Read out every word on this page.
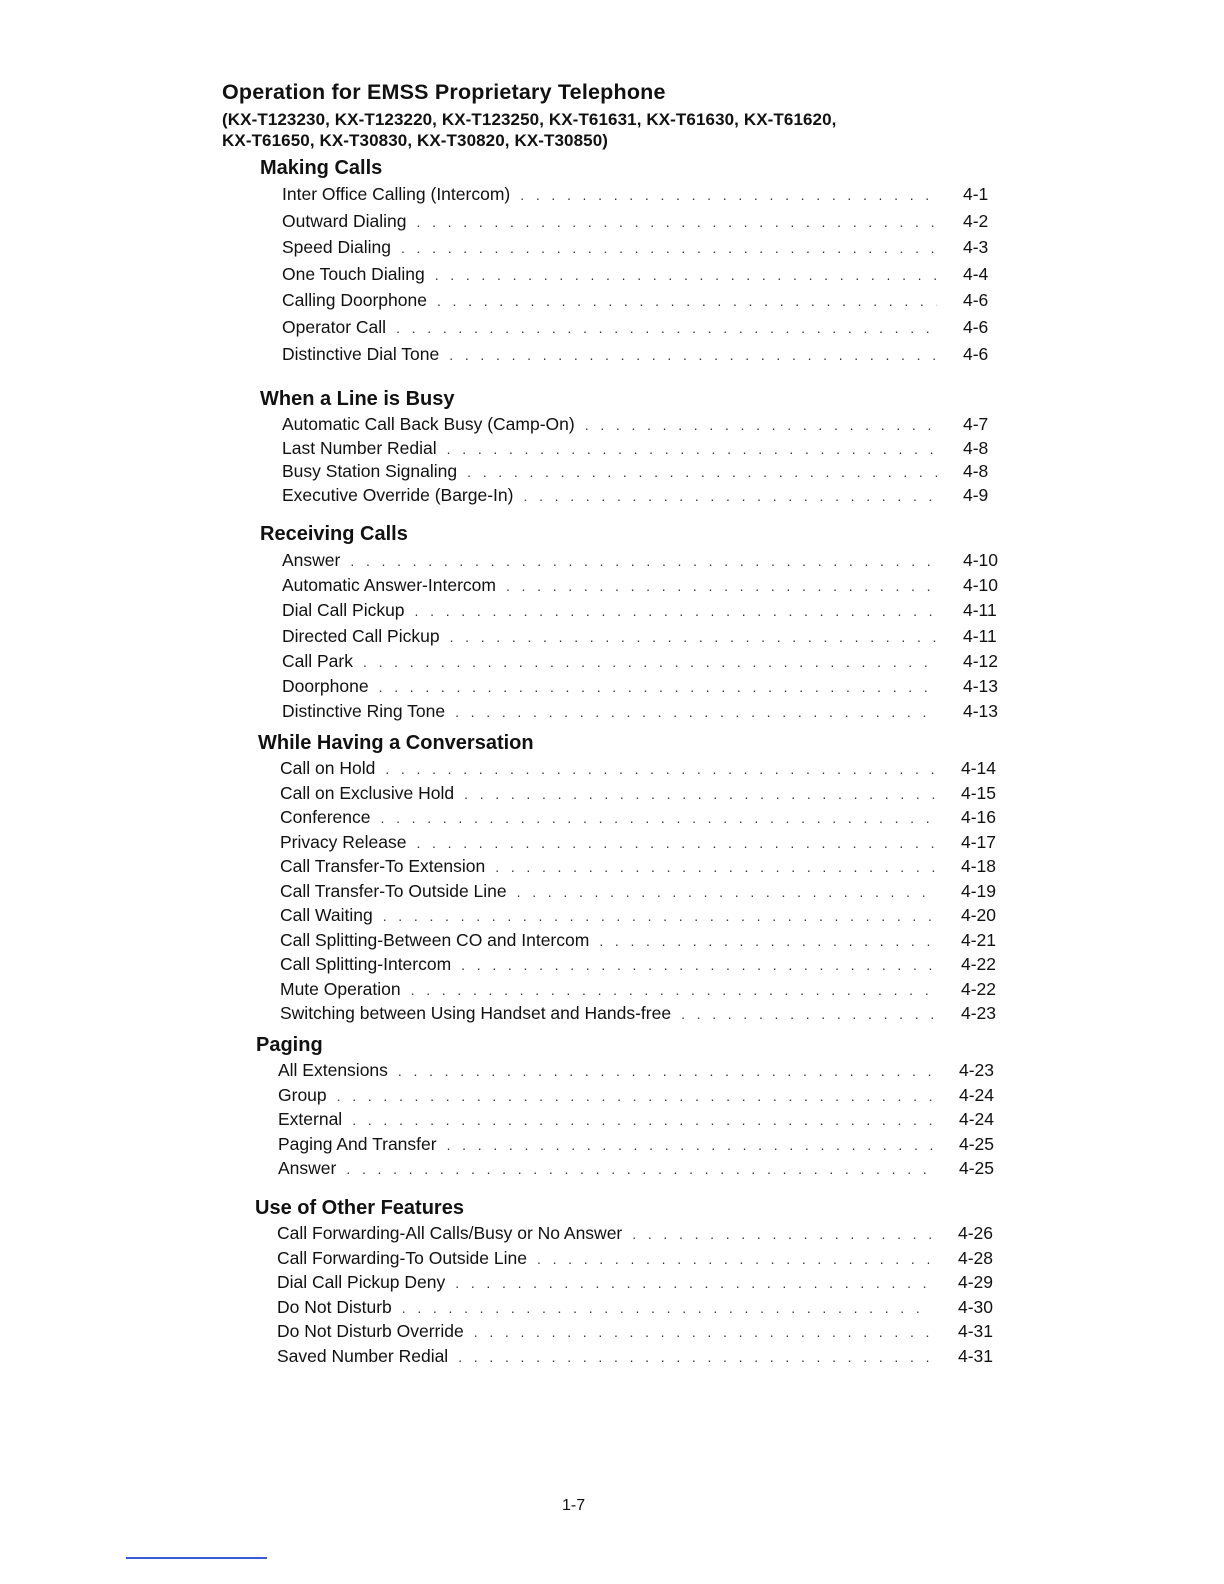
Operation for EMSS Proprietary Telephone
(KX-T123230, KX-T123220, KX-T123250, KX-T61631, KX-T61630, KX-T61620,
KX-T61650, KX-T30830, KX-T30820, KX-T30850)
Making Calls
Inter Office Calling (Intercom) . . .	4-1
Outward Dialing . . .	4-2
Speed Dialing . . .	4-3
One Touch Dialing . . .	4-4
Calling Doorphone . . .	4-6
Operator Call . . .	4-6
Distinctive Dial Tone . . .	4-6
When a Line is Busy
Automatic Call Back Busy (Camp-On) . . .	4-7
Last Number Redial . . .	4-8
Busy Station Signaling . . .	4-8
Executive Override (Barge-In) . . .	4-9
Receiving Calls
Answer . . .	4-10
Automatic Answer-Intercom . . .	4-10
Dial Call Pickup . . .	4-11
Directed Call Pickup . . .	4-11
Call Park . . .	4-12
Doorphone . . .	4-13
Distinctive Ring Tone . . .	4-13
While Having a Conversation
Call on Hold . . .	4-14
Call on Exclusive Hold . . .	4-15
Conference . . .	4-16
Privacy Release . . .	4-17
Call Transfer-To Extension . . .	4-18
Call Transfer-To Outside Line . . .	4-19
Call Waiting . . .	4-20
Call Splitting-Between CO and Intercom . . .	4-21
Call Splitting-Intercom . . .	4-22
Mute Operation . . .	4-22
Switching between Using Handset and Hands-free . . .	4-23
Paging
All Extensions . . .	4-23
Group . . .	4-24
External . . .	4-24
Paging And Transfer . . .	4-25
Answer . . .	4-25
Use of Other Features
Call Forwarding-All Calls/Busy or No Answer . . .	4-26
Call Forwarding-To Outside Line . . .	4-28
Dial Call Pickup Deny . . .	4-29
Do Not Disturb . . .	4-30
Do Not Disturb Override . . .	4-31
Saved Number Redial . . .	4-31
1-7
